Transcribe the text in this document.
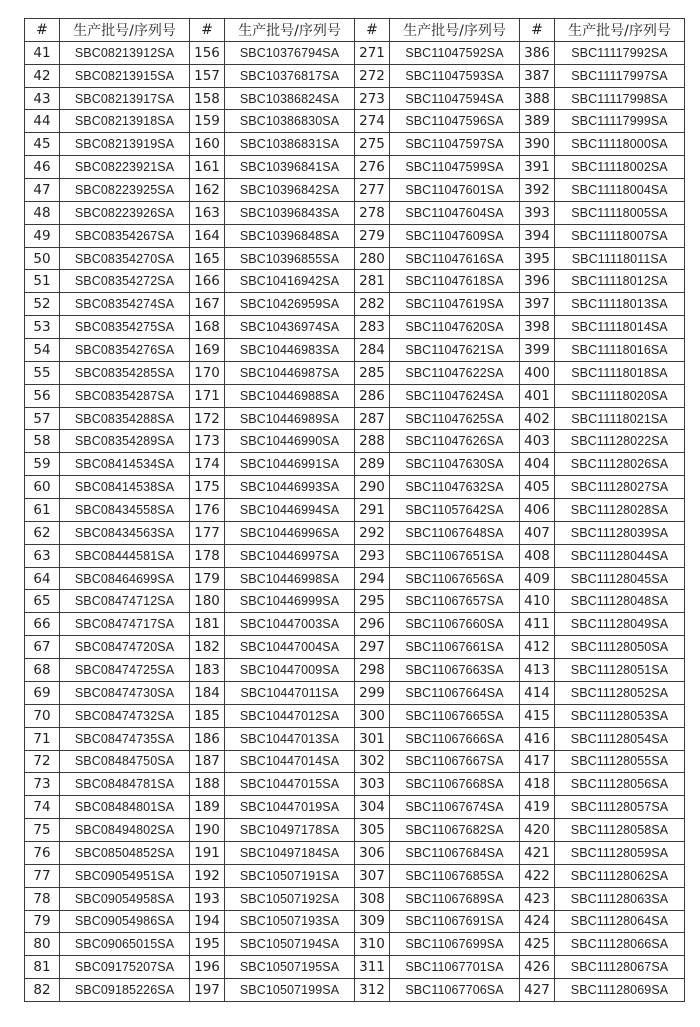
#	生产批号/序列号	#	生产批号/序列号	#	生产批号/序列号	#	生产批号/序列号
41	SBC08213912SA	156	SBC10376794SA	271	SBC11047592SA	386	SBC11117992SA
42	SBC08213915SA	157	SBC10376817SA	272	SBC11047593SA	387	SBC11117997SA
43	SBC08213917SA	158	SBC10386824SA	273	SBC11047594SA	388	SBC11117998SA
44	SBC08213918SA	159	SBC10386830SA	274	SBC11047596SA	389	SBC11117999SA
45	SBC08213919SA	160	SBC10386831SA	275	SBC11047597SA	390	SBC11118000SA
46	SBC08223921SA	161	SBC10396841SA	276	SBC11047599SA	391	SBC11118002SA
47	SBC08223925SA	162	SBC10396842SA	277	SBC11047601SA	392	SBC11118004SA
48	SBC08223926SA	163	SBC10396843SA	278	SBC11047604SA	393	SBC11118005SA
49	SBC08354267SA	164	SBC10396848SA	279	SBC11047609SA	394	SBC11118007SA
50	SBC08354270SA	165	SBC10396855SA	280	SBC11047616SA	395	SBC11118011SA
51	SBC08354272SA	166	SBC10416942SA	281	SBC11047618SA	396	SBC11118012SA
52	SBC08354274SA	167	SBC10426959SA	282	SBC11047619SA	397	SBC11118013SA
53	SBC08354275SA	168	SBC10436974SA	283	SBC11047620SA	398	SBC11118014SA
54	SBC08354276SA	169	SBC10446983SA	284	SBC11047621SA	399	SBC11118016SA
55	SBC08354285SA	170	SBC10446987SA	285	SBC11047622SA	400	SBC11118018SA
56	SBC08354287SA	171	SBC10446988SA	286	SBC11047624SA	401	SBC11118020SA
57	SBC08354288SA	172	SBC10446989SA	287	SBC11047625SA	402	SBC11118021SA
58	SBC08354289SA	173	SBC10446990SA	288	SBC11047626SA	403	SBC11128022SA
59	SBC08414534SA	174	SBC10446991SA	289	SBC11047630SA	404	SBC11128026SA
60	SBC08414538SA	175	SBC10446993SA	290	SBC11047632SA	405	SBC11128027SA
61	SBC08434558SA	176	SBC10446994SA	291	SBC11057642SA	406	SBC11128028SA
62	SBC08434563SA	177	SBC10446996SA	292	SBC11067648SA	407	SBC11128039SA
63	SBC08444581SA	178	SBC10446997SA	293	SBC11067651SA	408	SBC11128044SA
64	SBC08464699SA	179	SBC10446998SA	294	SBC11067656SA	409	SBC11128045SA
65	SBC08474712SA	180	SBC10446999SA	295	SBC11067657SA	410	SBC11128048SA
66	SBC08474717SA	181	SBC10447003SA	296	SBC11067660SA	411	SBC11128049SA
67	SBC08474720SA	182	SBC10447004SA	297	SBC11067661SA	412	SBC11128050SA
68	SBC08474725SA	183	SBC10447009SA	298	SBC11067663SA	413	SBC11128051SA
69	SBC08474730SA	184	SBC10447011SA	299	SBC11067664SA	414	SBC11128052SA
70	SBC08474732SA	185	SBC10447012SA	300	SBC11067665SA	415	SBC11128053SA
71	SBC08474735SA	186	SBC10447013SA	301	SBC11067666SA	416	SBC11128054SA
72	SBC08484750SA	187	SBC10447014SA	302	SBC11067667SA	417	SBC11128055SA
73	SBC08484781SA	188	SBC10447015SA	303	SBC11067668SA	418	SBC11128056SA
74	SBC08484801SA	189	SBC10447019SA	304	SBC11067674SA	419	SBC11128057SA
75	SBC08494802SA	190	SBC10497178SA	305	SBC11067682SA	420	SBC11128058SA
76	SBC08504852SA	191	SBC10497184SA	306	SBC11067684SA	421	SBC11128059SA
77	SBC09054951SA	192	SBC10507191SA	307	SBC11067685SA	422	SBC11128062SA
78	SBC09054958SA	193	SBC10507192SA	308	SBC11067689SA	423	SBC11128063SA
79	SBC09054986SA	194	SBC10507193SA	309	SBC11067691SA	424	SBC11128064SA
80	SBC09065015SA	195	SBC10507194SA	310	SBC11067699SA	425	SBC11128066SA
81	SBC09175207SA	196	SBC10507195SA	311	SBC11067701SA	426	SBC11128067SA
82	SBC09185226SA	197	SBC10507199SA	312	SBC11067706SA	427	SBC11128069SA
